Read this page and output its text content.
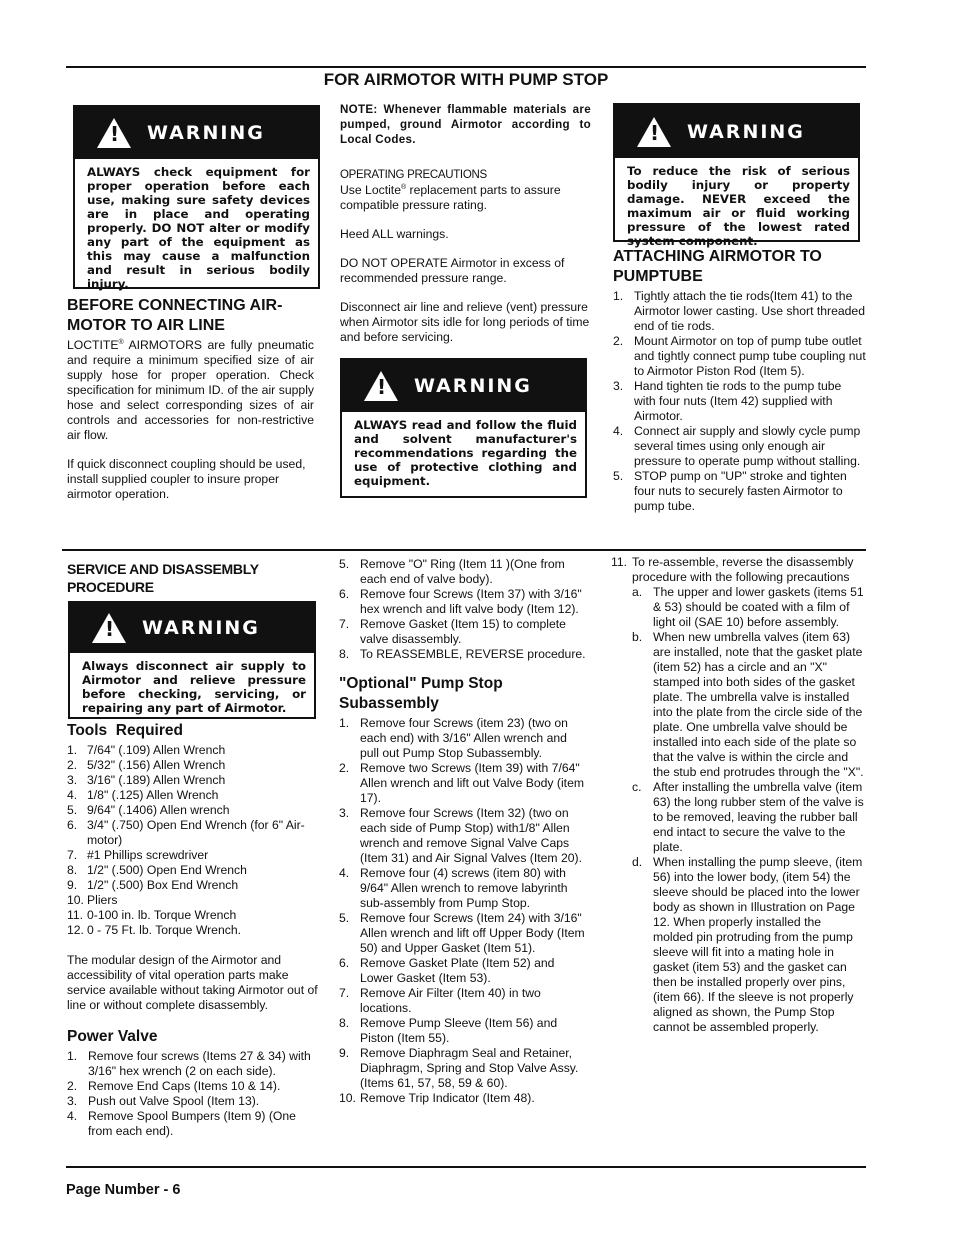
FOR AIRMOTOR WITH PUMP STOP
! WARNING
ALWAYS check equipment for proper operation before each use, making sure safety devices are in place and operating properly. DO NOT alter or modify any part of the equipment as this may cause a malfunction and result in serious bodily injury.
BEFORE CONNECTING AIR-MOTOR TO AIR LINE

LOCTITE® AIRMOTORS are fully pneumatic and require a minimum specified size of air supply hose for proper operation. Check specification for minimum ID. of the air supply hose and select corresponding sizes of air controls and accessories for non-restrictive air flow.

If quick disconnect coupling should be used, install supplied coupler to insure proper airmotor operation.

NOTE: Whenever flammable materials are pumped, ground Airmotor according to Local Codes.

OPERATING PRECAUTIONS
Use Loctite® replacement parts to assure compatible pressure rating.

Heed ALL warnings.

DO NOT OPERATE Airmotor in excess of recommended pressure range.

Disconnect air line and relieve (vent) pressure when Airmotor sits idle for long periods of time and before servicing.

! WARNING
ALWAYS read and follow the fluid and solvent manufacturer's recommendations regarding the use of protective clothing and equipment.
! WARNING
To reduce the risk of serious bodily injury or property damage. NEVER exceed the maximum air or fluid working pressure of the lowest rated system component.
ATTACHING AIRMOTOR TO PUMPTUBE
1. Tightly attach the tie rods(Item 41) to the Airmotor lower casting. Use short threaded end of tie rods.
2. Mount Airmotor on top of pump tube outlet and tightly connect pump tube coupling nut to Airmotor Piston Rod (Item 5).
3. Hand tighten tie rods to the pump tube with four nuts (Item 42) supplied with Airmotor.
4. Connect air supply and slowly cycle pump several times using only enough air pressure to operate pump without stalling.
5. STOP pump on "UP" stroke and tighten four nuts to securely fasten Airmotor to pump tube.
SERVICE AND DISASSEMBLY PROCEDURE
! WARNING
Always disconnect air supply to Airmotor and relieve pressure before checking, servicing, or repairing any part of Airmotor.
Tools  Required
1. 7/64" (.109) Allen Wrench
2. 5/32" (.156) Allen Wrench
3. 3/16" (.189) Allen Wrench
4. 1/8" (.125) Allen Wrench
5. 9/64" (.1406) Allen wrench
6. 3/4" (.750) Open End Wrench (for 6" Air-motor)
7. #1 Phillips screwdriver
8. 1/2" (.500) Open End Wrench
9. 1/2" (.500) Box End Wrench
10. Pliers
11. 0-100 in. lb. Torque Wrench
12. 0 - 75 Ft. lb. Torque Wrench.

The modular design of the Airmotor and accessibility of vital operation parts make service available without taking Airmotor out of line or without complete disassembly.

Power Valve
1. Remove four screws (Items 27 & 34) with 3/16" hex wrench (2 on each side).
2. Remove End Caps (Items 10 & 14).
3. Push out Valve Spool (Item 13).
4. Remove Spool Bumpers (Item 9) (One from each end).
5. Remove "O" Ring (Item 11 )(One from each end of valve body).
6. Remove four Screws (Item 37) with 3/16" hex wrench and lift valve body (Item 12).
7. Remove Gasket (Item 15) to complete valve disassembly.
8. To REASSEMBLE, REVERSE procedure.
"Optional" Pump Stop Subassembly
1. Remove four Screws (item 23) (two on each end) with 3/16" Allen wrench and pull out Pump Stop Subassembly.
2. Remove two Screws (Item 39) with 7/64" Allen wrench and lift out Valve Body (item 17).
3. Remove four Screws (Item 32) (two on each side of Pump Stop) with1/8" Allen wrench and remove Signal Valve Caps (Item 31) and Air Signal Valves (Item 20).
4. Remove four (4) screws (item 80) with 9/64" Allen wrench to remove labyrinth sub-assembly from Pump Stop.
5. Remove four Screws (Item 24) with 3/16" Allen wrench and lift off Upper Body (Item 50) and Upper Gasket (Item 51).
6. Remove Gasket Plate (Item 52) and Lower Gasket (Item 53).
7. Remove Air Filter (Item 40) in two locations.
8. Remove Pump Sleeve (Item 56) and Piston (Item 55).
9. Remove Diaphragm Seal and Retainer, Diaphragm, Spring and Stop Valve Assy. (Items 61, 57, 58, 59 & 60).
10. Remove Trip Indicator (Item 48).
11. To re-assemble, reverse the disassembly procedure with the following precautions
a. The upper and lower gaskets (items 51 & 53) should be coated with a film of light oil (SAE 10) before assembly.
b. When new umbrella valves (item 63) are installed, note that the gasket plate (item 52) has a circle and an "X" stamped into both sides of the gasket plate. The umbrella valve is installed into the plate from the circle side of the plate. One umbrella valve should be installed into each side of the plate so that the valve is within the circle and the stub end protrudes through the "X".
c. After installing the umbrella valve (item 63) the long rubber stem of the valve is to be removed, leaving the rubber ball end intact to secure the valve to the plate.
d. When installing the pump sleeve, (item 56) into the lower body, (item 54) the sleeve should be placed into the lower body as shown in Illustration on Page 12. When properly installed the molded pin protruding from the pump sleeve will fit into a mating hole in gasket (item 53) and the gasket can then be installed properly over pins, (item 66). If the sleeve is not properly aligned as shown, the Pump Stop cannot be assembled properly.
Page Number - 6
